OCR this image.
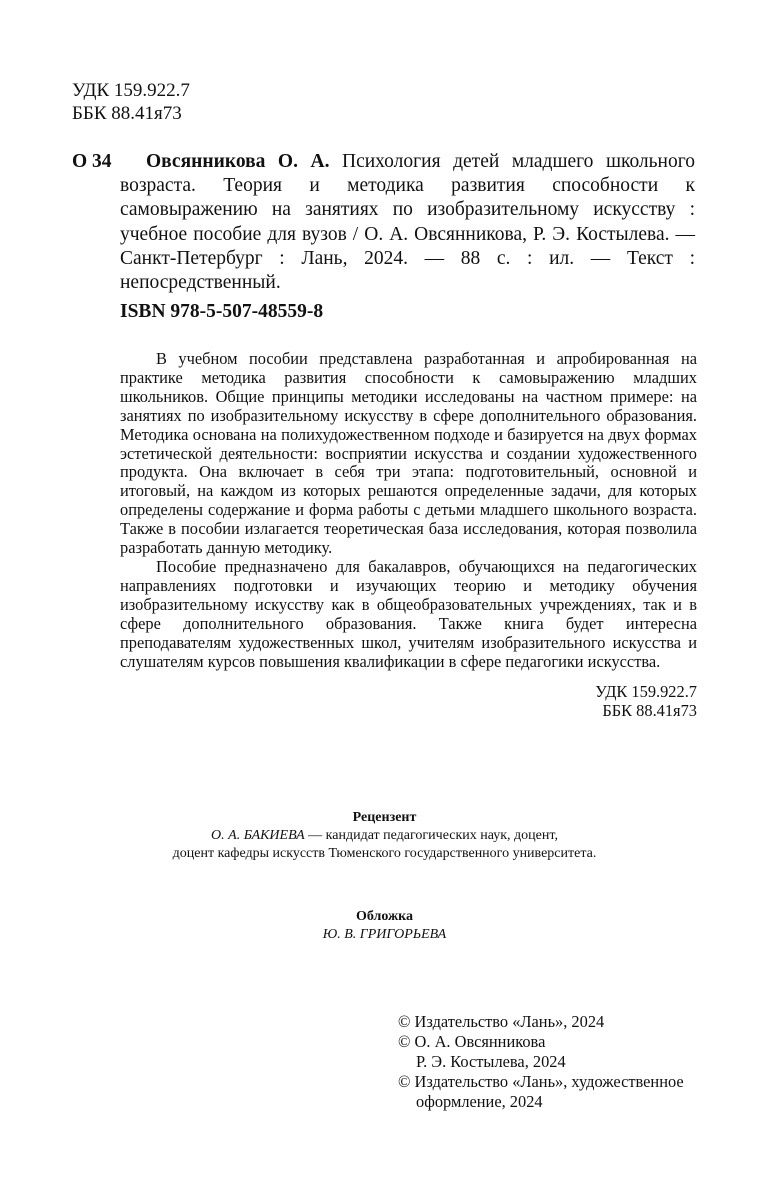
УДК 159.922.7
ББК 88.41я73
О 34	Овсянникова О. А. Психология детей младшего школьного возраста. Теория и методика развития способности к самовыражению на занятиях по изобразительному искусству : учебное пособие для вузов / О. А. Овсянникова, Р. Э. Костылева. — Санкт-Петербург : Лань, 2024. — 88 с. : ил. — Текст : непосредственный.
ISBN 978-5-507-48559-8

В учебном пособии представлена разработанная и апробированная на практике методика развития способности к самовыражению младших школьников. Общие принципы методики исследованы на частном примере: на занятиях по изобразительному искусству в сфере дополнительного образования. Методика основана на полихудожественном подходе и базируется на двух формах эстетической деятельности: восприятии искусства и создании художественного продукта. Она включает в себя три этапа: подготовительный, основной и итоговый, на каждом из которых решаются определенные задачи, для которых определены содержание и форма работы с детьми младшего школьного возраста. Также в пособии излагается теоретическая база исследования, которая позволила разработать данную методику.

Пособие предназначено для бакалавров, обучающихся на педагогических направлениях подготовки и изучающих теорию и методику обучения изобразительному искусству как в общеобразовательных учреждениях, так и в сфере дополнительного образования. Также книга будет интересна преподавателям художественных школ, учителям изобразительного искусства и слушателям курсов повышения квалификации в сфере педагогики искусства.

УДК 159.922.7
ББК 88.41я73
Рецензент
О. А. БАКИЕВА — кандидат педагогических наук, доцент,
доцент кафедры искусств Тюменского государственного университета.
Обложка
Ю. В. ГРИГОРЬЕВА
© Издательство «Лань», 2024
© О. А. Овсянникова
Р. Э. Костылева, 2024
© Издательство «Лань», художественное
оформление, 2024
